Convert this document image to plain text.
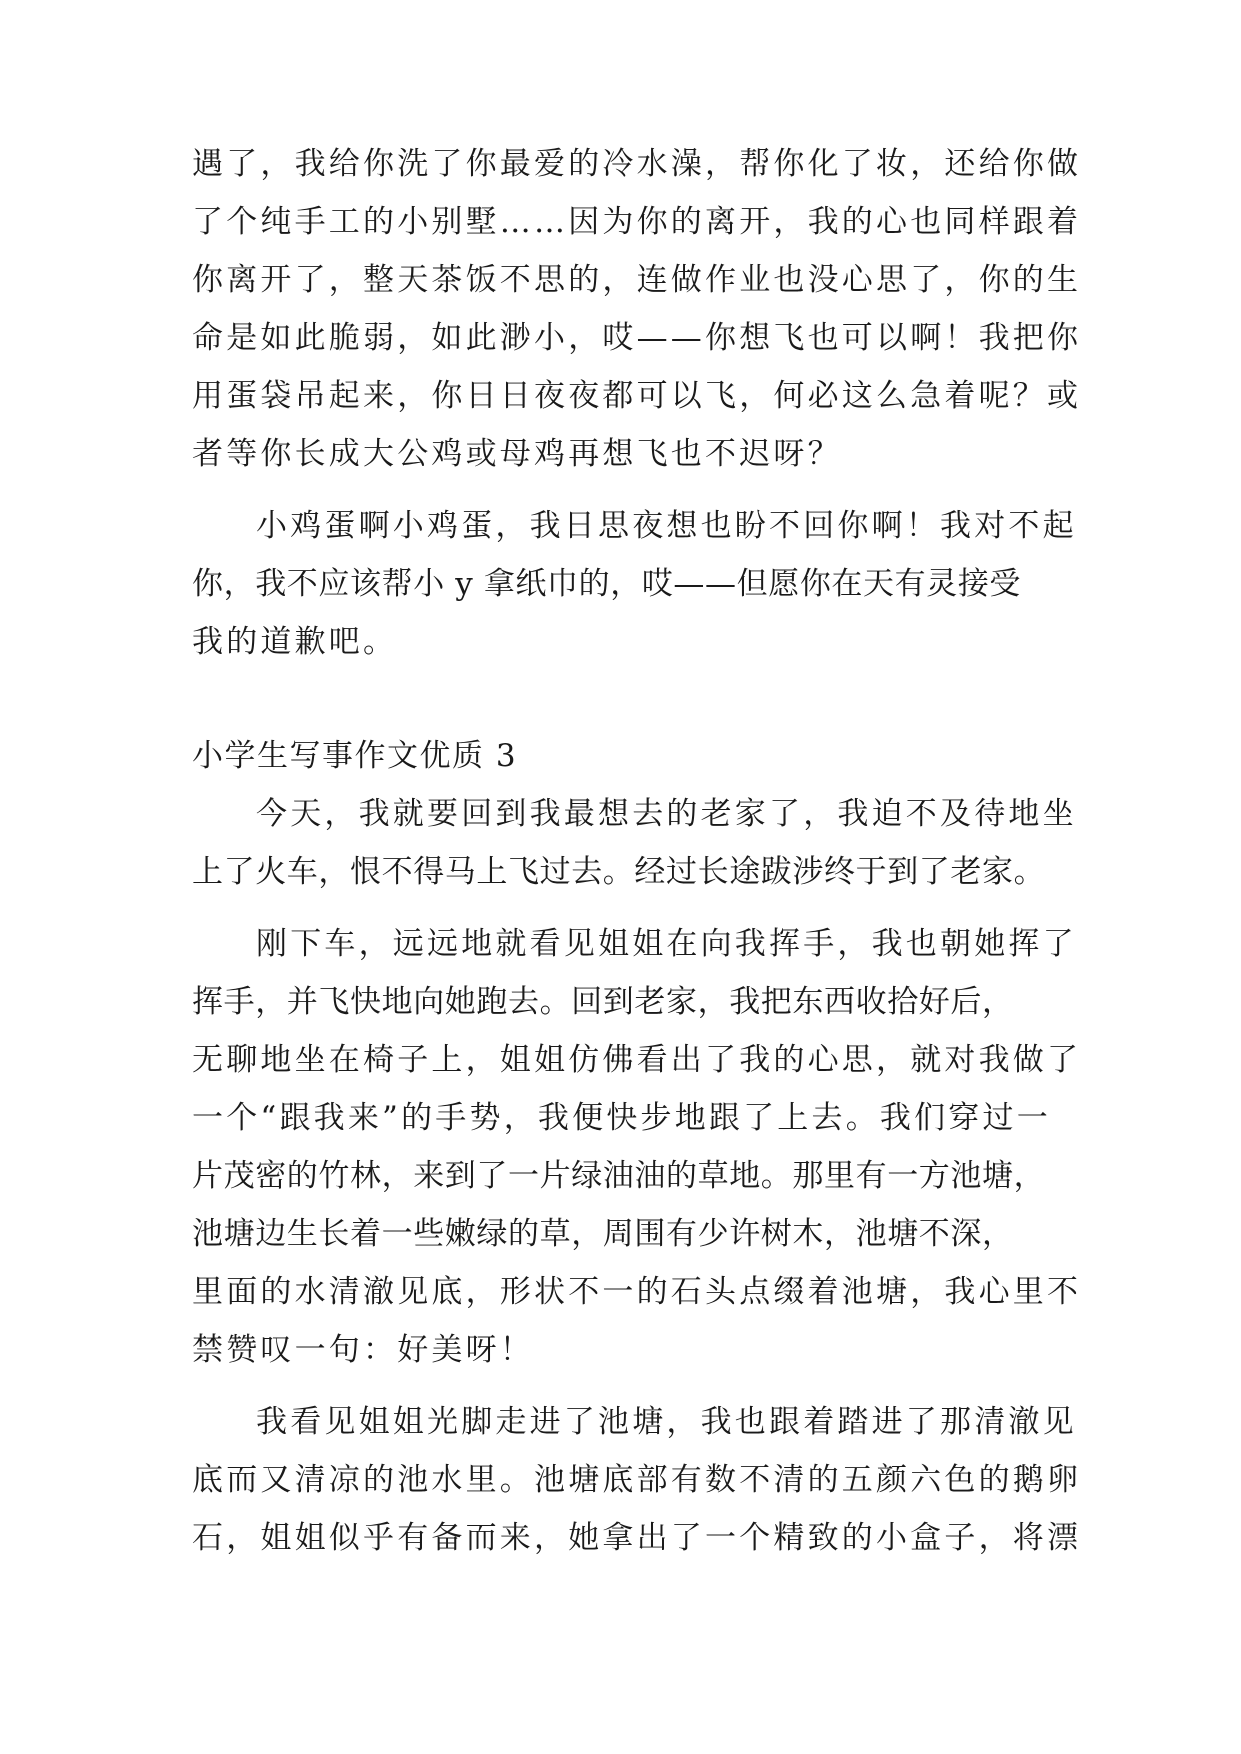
遇了，我给你洗了你最爱的冷水澡，帮你化了妆，还给你做

了个纯手工的小别墅……因为你的离开，我的心也同样跟着

你离开了，整天茶饭不思的，连做作业也没心思了，你的生

命是如此脆弱，如此渺小，哎——你想飞也可以啊！我把你

用蛋袋吊起来，你日日夜夜都可以飞，何必这么急着呢？或

者等你长成大公鸡或母鸡再想飞也不迟呀？

小鸡蛋啊小鸡蛋，我日思夜想也盼不回你啊！我对不起

你，我不应该帮小 y 拿纸巾的，哎——但愿你在天有灵接受

我的道歉吧。

小学生写事作文优质 3

今天，我就要回到我最想去的老家了，我迫不及待地坐

上了火车，恨不得马上飞过去。经过长途跋涉终于到了老家。

刚下车，远远地就看见姐姐在向我挥手，我也朝她挥了

挥手，并飞快地向她跑去。回到老家，我把东西收拾好后，

无聊地坐在椅子上，姐姐仿佛看出了我的心思，就对我做了

一个“跟我来”的手势，我便快步地跟了上去。我们穿过一

片茂密的竹林，来到了一片绿油油的草地。那里有一方池塘，

池塘边生长着一些嫩绿的草，周围有少许树木，池塘不深，

里面的水清澈见底，形状不一的石头点缀着池塘，我心里不

禁赞叹一句：好美呀！

我看见姐姐光脚走进了池塘，我也跟着踏进了那清澈见

底而又清凉的池水里。池塘底部有数不清的五颜六色的鹅卵

石，姐姐似乎有备而来，她拿出了一个精致的小盒子，将漂
